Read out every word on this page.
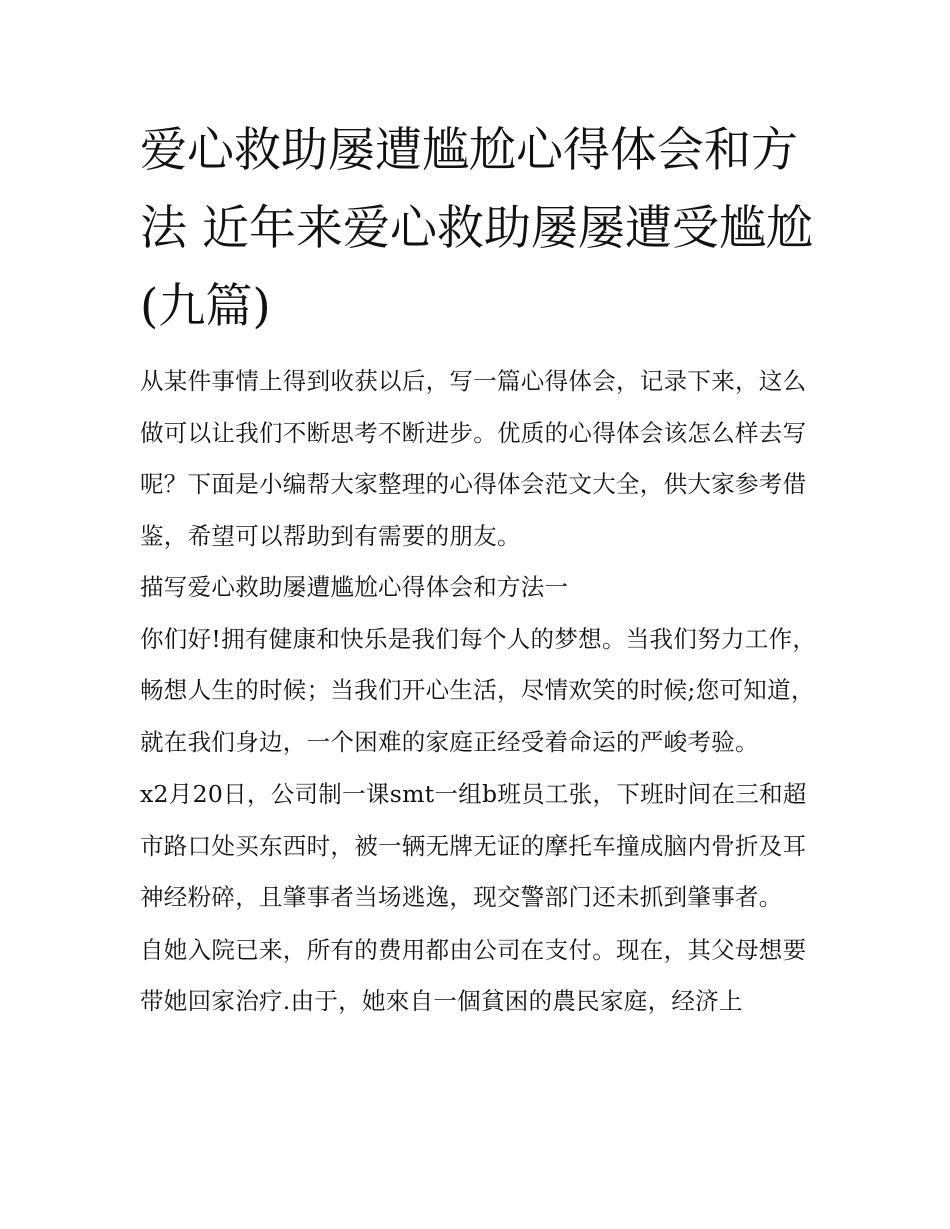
爱心救助屡遭尴尬心得体会和方法 近年来爱心救助屡屡遭受尴尬(九篇)

从某件事情上得到收获以后，写一篇心得体会，记录下来，这么做可以让我们不断思考不断进步。优质的心得体会该怎么样去写呢？下面是小编帮大家整理的心得体会范文大全，供大家参考借鉴，希望可以帮助到有需要的朋友。

描写爱心救助屡遭尴尬心得体会和方法一

你们好!拥有健康和快乐是我们每个人的梦想。当我们努力工作，畅想人生的时候；当我们开心生活，尽情欢笑的时候;您可知道，就在我们身边，一个困难的家庭正经受着命运的严峻考验。

x2月20日，公司制一课smt一组b班员工张，下班时间在三和超市路口处买东西时，被一辆无牌无证的摩托车撞成脑内骨折及耳神经粉碎，且肇事者当场逃逸，现交警部门还未抓到肇事者。

自她入院已来，所有的费用都由公司在支付。现在，其父母想要带她回家治疗.由于，她來自一個貧困的農民家庭，经济上
